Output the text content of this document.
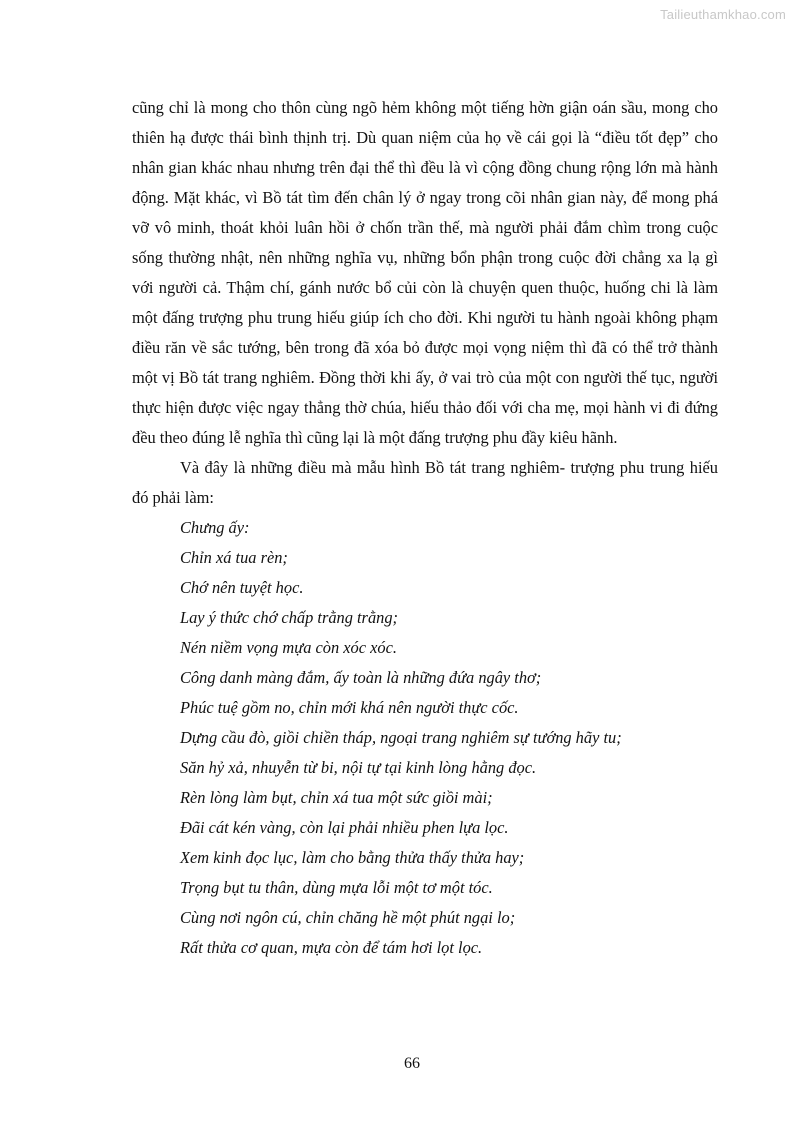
Tailieuthamkhao.com

cũng chỉ là mong cho thôn cùng ngõ hẻm không một tiếng hờn giận oán sầu, mong cho thiên hạ được thái bình thịnh trị. Dù quan niệm của họ về cái gọi là “điều tốt đẹp” cho nhân gian khác nhau nhưng trên đại thể thì đều là vì cộng đồng chung rộng lớn mà hành động. Mặt khác, vì Bồ tát tìm đến chân lý ở ngay trong cõi nhân gian này, để mong phá vỡ vô minh, thoát khỏi luân hồi ở chốn trần thế, mà người phải đắm chìm trong cuộc sống thường nhật, nên những nghĩa vụ, những bổn phận trong cuộc đời chẳng xa lạ gì với người cả. Thậm chí, gánh nước bổ củi còn là chuyện quen thuộc, huống chi là làm một đấng trượng phu trung hiếu giúp ích cho đời. Khi người tu hành ngoài không phạm điều răn về sắc tướng, bên trong đã xóa bỏ được mọi vọng niệm thì đã có thể trở thành một vị Bồ tát trang nghiêm. Đồng thời khi ấy, ở vai trò của một con người thế tục, người thực hiện được việc ngay thẳng thờ chúa, hiếu thảo đối với cha mẹ, mọi hành vi đi đứng đều theo đúng lễ nghĩa thì cũng lại là một đấng trượng phu đầy kiêu hãnh.

Và đây là những điều mà mẫu hình Bồ tát trang nghiêm- trượng phu trung hiếu đó phải làm:

Chưng ấy:
Chỉn xá tua rèn;
Chớ nên tuyệt học.
Lay ý thức chớ chấp trằng trằng;
Nén niềm vọng mựa còn xóc xóc.
Công danh màng đắm, ấy toàn là những đứa ngây thơ;
Phúc tuệ gồm no, chỉn mới khá nên người thực cốc.
Dựng cầu đò, giồi chiền tháp, ngoại trang nghiêm sự tướng hãy tu;
Săn hỷ xả, nhuyễn từ bi, nội tự tại kinh lòng hằng đọc.
Rèn lòng làm bụt, chỉn xá tua một sức giồi mài;
Đãi cát kén vàng, còn lại phải nhiều phen lựa lọc.
Xem kinh đọc lục, làm cho bằng thửa thấy thửa hay;
Trọng bụt tu thân, dùng mựa lỗi một tơ một tóc.
Cùng nơi ngôn cú, chỉn chăng hề một phút ngại lo;
Rất thửa cơ quan, mựa còn để tám hơi lọt lọc.
66
